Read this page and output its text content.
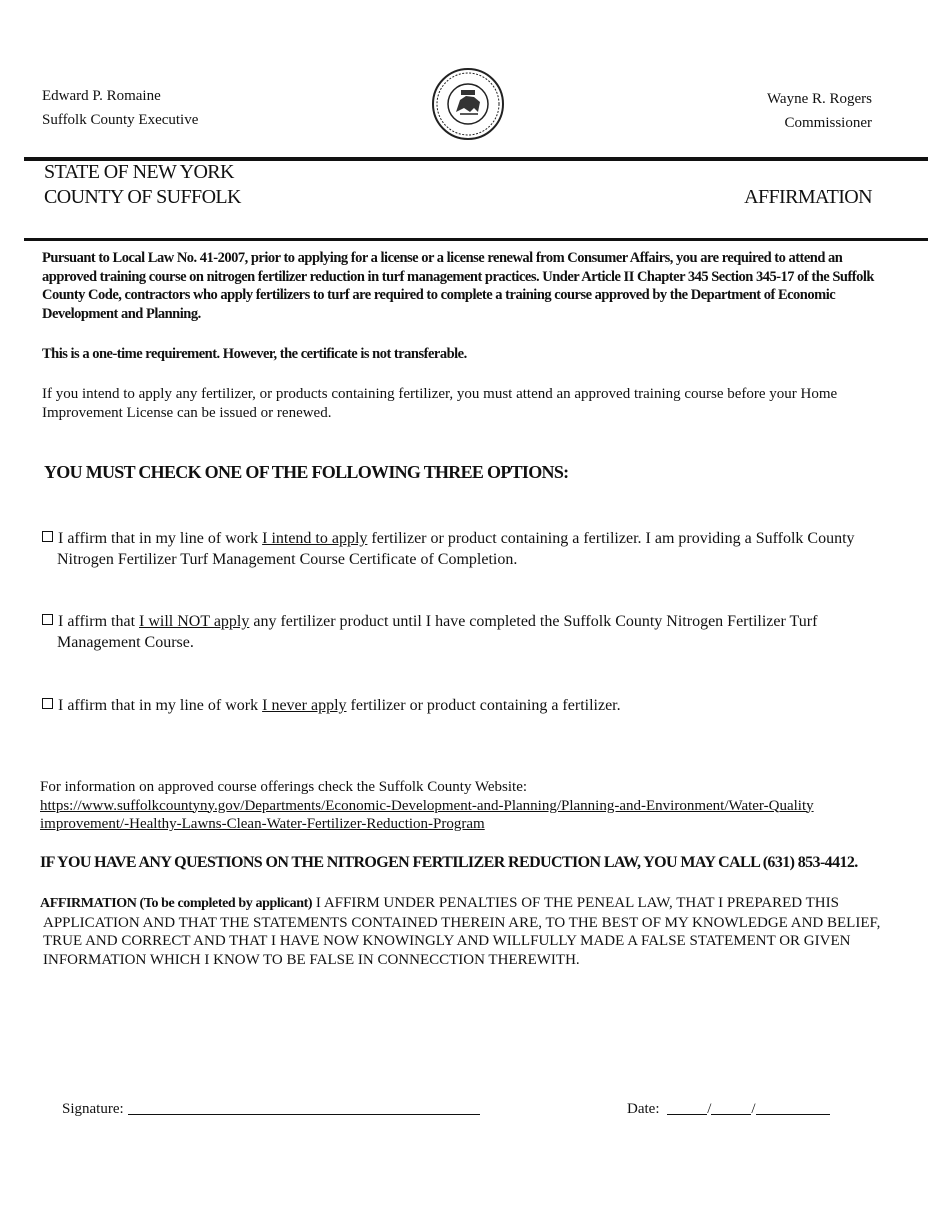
Edward P. Romaine
Suffolk County Executive
Wayne R. Rogers
Commissioner
STATE OF NEW YORK
COUNTY OF SUFFOLK	AFFIRMATION
Pursuant to Local Law No. 41-2007, prior to applying for a license or a license renewal from Consumer Affairs, you are required to attend an approved training course on nitrogen fertilizer reduction in turf management practices. Under Article II Chapter 345 Section 345-17 of the Suffolk County Code, contractors who apply fertilizers to turf are required to complete a training course approved by the Department of Economic Development and Planning.
This is a one-time requirement. However, the certificate is not transferable.
If you intend to apply any fertilizer, or products containing fertilizer, you must attend an approved training course before your Home Improvement License can be issued or renewed.
YOU MUST CHECK ONE OF THE FOLLOWING THREE OPTIONS:
I affirm that in my line of work I intend to apply fertilizer or product containing a fertilizer. I am providing a Suffolk County Nitrogen Fertilizer Turf Management Course Certificate of Completion.
I affirm that I will NOT apply any fertilizer product until I have completed the Suffolk County Nitrogen Fertilizer Turf Management Course.
I affirm that in my line of work I never apply fertilizer or product containing a fertilizer.
For information on approved course offerings check the Suffolk County Website:
https://www.suffolkcountyny.gov/Departments/Economic-Development-and-Planning/Planning-and-Environment/Water-Quality
improvement/-Healthy-Lawns-Clean-Water-Fertilizer-Reduction-Program
IF YOU HAVE ANY QUESTIONS ON THE NITROGEN FERTILIZER REDUCTION LAW, YOU MAY CALL (631) 853-4412.
AFFIRMATION (To be completed by applicant) I AFFIRM UNDER PENALTIES OF THE PENEAL LAW, THAT I PREPARED THIS
APPLICATION AND THAT THE STATEMENTS CONTAINED THEREIN ARE, TO THE BEST OF MY KNOWLEDGE AND BELIEF,
TRUE AND CORRECT AND THAT I HAVE NOW KNOWINGLY AND WILLFULLY MADE A FALSE STATEMENT OR GIVEN
INFORMATION WHICH I KNOW TO BE FALSE IN CONNECCTION THEREWITH.
Signature:	Date:	/	/
